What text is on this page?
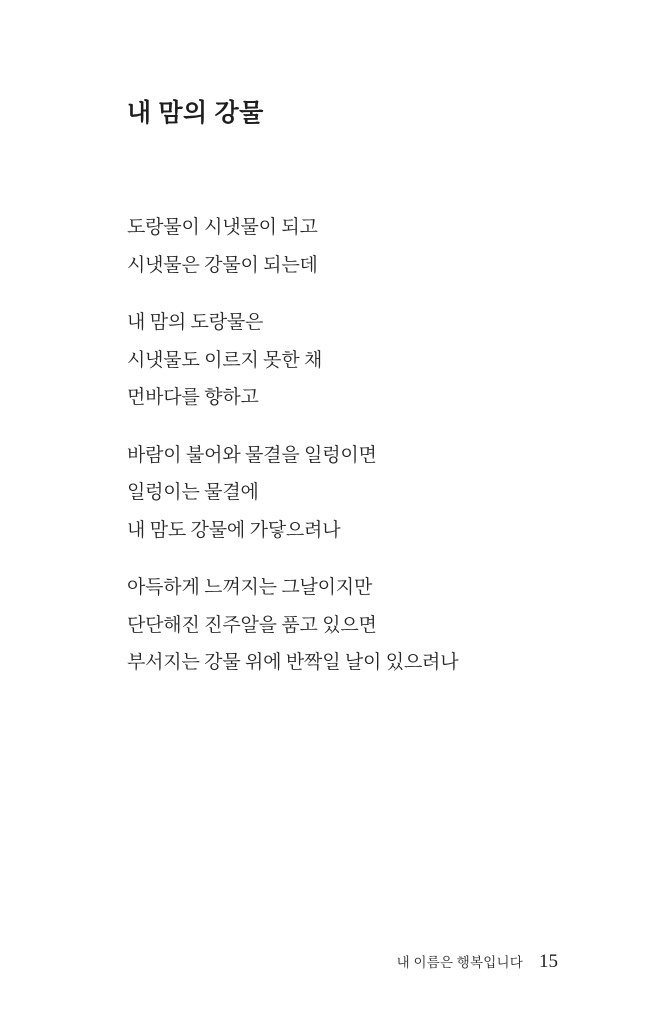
내 맘의 강물

도랑물이 시냇물이 되고

시냇물은 강물이 되는데

내 맘의 도랑물은

시냇물도 이르지 못한 채

먼바다를 향하고

바람이 불어와 물결을 일렁이면

일렁이는 물결에

내 맘도 강물에 가닿으려나

아득하게 느껴지는 그날이지만

단단해진 진주알을 품고 있으면

부서지는 강물 위에 반짝일 날이 있으려나

내 이름은 행복입니다 15
